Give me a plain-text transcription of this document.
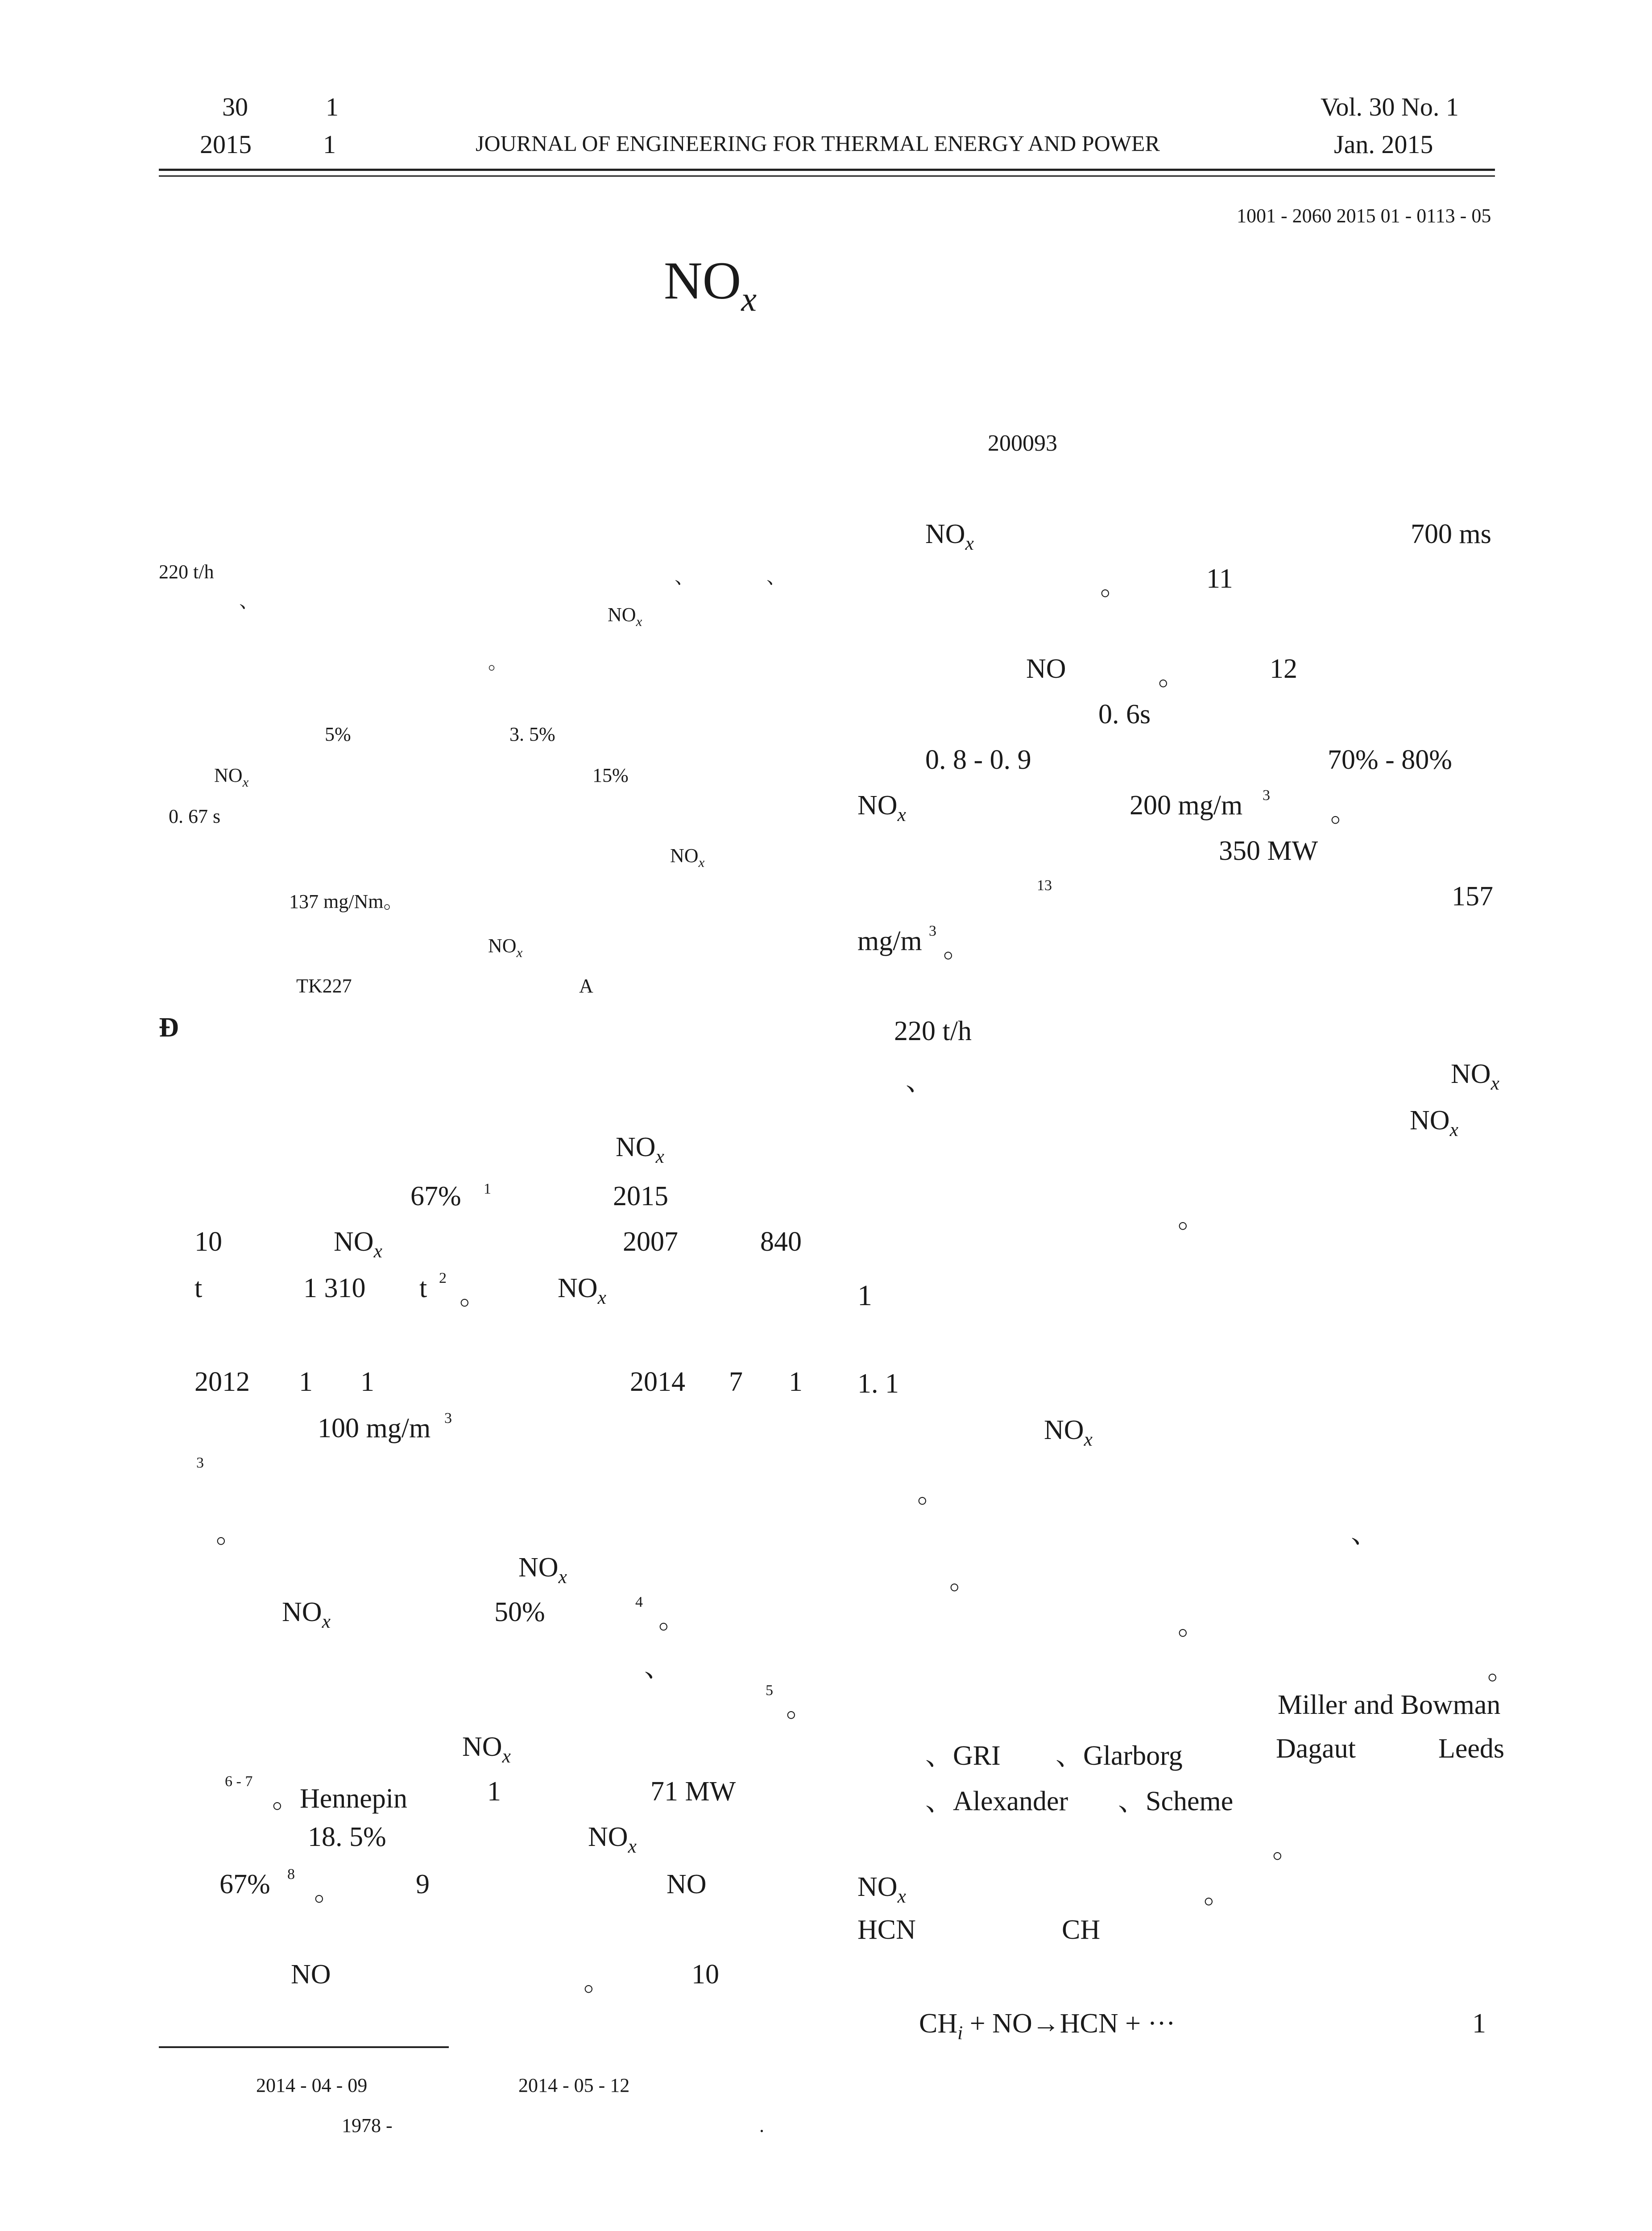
30	1
2015	1	JOURNAL OF ENGINEERING FOR THERMAL ENERGY AND POWER
Vol. 30 No. 1
Jan. 2015
1001 - 2060 2015 01 - 0113 - 05
$NO_x$
200093
220 t/h	、	、
、
$NO_x$
。
5%	3. 5%
$NO_x$	15%
0. 67 s
$NO_x$
137 mg/Nm。
$NO_x$
TK227	A
Ð
$NO_x$
67% 1	2015
10	$NO_x$	2007	840
t	1 310 t 2
。	$NO_x$
2012 1 1	2014 7 1
100 mg/m 3
3
。
$NO_x$
$NO_x$	50%	4
。
、
5
。
$NO_x$
6 - 7
。Hennepin	1	71 MW
18. 5%	$NO_x$
67% 8
。	9	NO
NO	。	10
2014 - 04 - 09	2014 - 05 - 12
1978 -	.
$NO_x$	700 ms
。	11
NO	。	12
0. 6s
0. 8 - 0. 9	70% - 80%
$NO_x$	200 mg/m 3
。
350 MW
13	157
mg/m 3
。
220 t/h
、	$NO_x$
$NO_x$
。
1
1. 1
$NO_x$
。
、
。
。
。
Miller and Bowman
、GRI 、Glarborg	Dagaut	Leeds
、Alexander 、Scheme
。
$NO_x$	。
HCN	CH
$CH_i + NO\to HCN$ + ···	1
